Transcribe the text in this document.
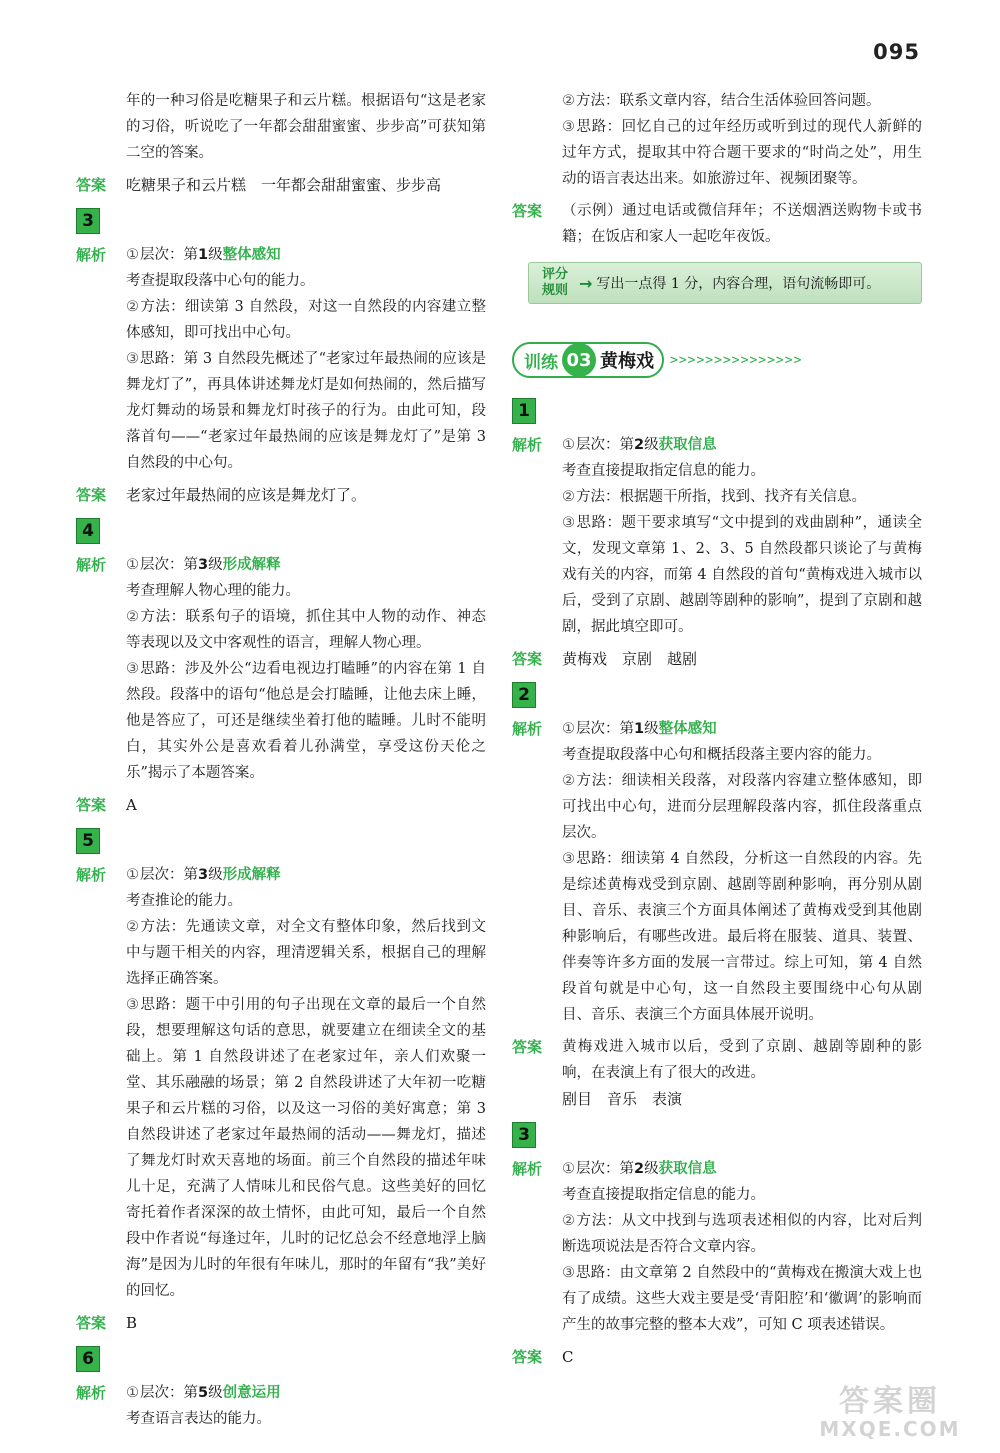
095

年的一种习俗是吃糖果子和云片糕。根据语句“这是老家的习俗，听说吃了一年都会甜甜蜜蜜、步步高”可获知第二空的答案。

答案	吃糖果子和云片糕　一年都会甜甜蜜蜜、步步高

3
解析	①层次：第1级整体感知

考查提取段落中心句的能力。

②方法：细读第 3 自然段，对这一自然段的内容建立整体感知，即可找出中心句。

③思路：第 3 自然段先概述了“老家过年最热闹的应该是舞龙灯了”，再具体讲述舞龙灯是如何热闹的，然后描写龙灯舞动的场景和舞龙灯时孩子的行为。由此可知，段落首句——“老家过年最热闹的应该是舞龙灯了”是第 3 自然段的中心句。

答案	老家过年最热闹的应该是舞龙灯了。

4
解析	①层次：第3级形成解释

考查理解人物心理的能力。

②方法：联系句子的语境，抓住其中人物的动作、神态等表现以及文中客观性的语言，理解人物心理。

③思路：涉及外公“边看电视边打瞌睡”的内容在第 1 自然段。段落中的语句“他总是会打瞌睡，让他去床上睡，他是答应了，可还是继续坐着打他的瞌睡。儿时不能明白，其实外公是喜欢看着儿孙满堂，享受这份天伦之乐”揭示了本题答案。

答案	A

5
解析	①层次：第3级形成解释

考查推论的能力。

②方法：先通读文章，对全文有整体印象，然后找到文中与题干相关的内容，理清逻辑关系，根据自己的理解选择正确答案。

③思路：题干中引用的句子出现在文章的最后一个自然段，想要理解这句话的意思，就要建立在细读全文的基础上。第 1 自然段讲述了在老家过年，亲人们欢聚一堂、其乐融融的场景；第 2 自然段讲述了大年初一吃糖果子和云片糕的习俗，以及这一习俗的美好寓意；第 3 自然段讲述了老家过年最热闹的活动——舞龙灯，描述了舞龙灯时欢天喜地的场面。前三个自然段的描述年味儿十足，充满了人情味儿和民俗气息。这些美好的回忆寄托着作者深深的故土情怀，由此可知，最后一个自然段中作者说“每逢过年，儿时的记忆总会不经意地浮上脑海”是因为儿时的年很有年味儿，那时的年留有“我”美好的回忆。

答案	B

6
解析	①层次：第5级创意运用

考查语言表达的能力。

②方法：联系文章内容，结合生活体验回答问题。

③思路：回忆自己的过年经历或听到过的现代人新鲜的过年方式，提取其中符合题干要求的“时尚之处”，用生动的语言表达出来。如旅游过年、视频团聚等。

答案	（示例）通过电话或微信拜年；不送烟酒送购物卡或书籍；在饭店和家人一起吃年夜饭。

评分
规则 → 写出一点得 1 分，内容合理，语句流畅即可。
训练 03 黄梅戏 >>>>>>>>>>>>>>>
1
解析	①层次：第2级获取信息

考查直接提取指定信息的能力。

②方法：根据题干所指，找到、找齐有关信息。

③思路：题干要求填写“文中提到的戏曲剧种”，通读全文，发现文章第 1、2、3、5 自然段都只谈论了与黄梅戏有关的内容，而第 4 自然段的首句“黄梅戏进入城市以后，受到了京剧、越剧等剧种的影响”，提到了京剧和越剧，据此填空即可。

答案	黄梅戏　京剧　越剧

2
解析	①层次：第1级整体感知

考查提取段落中心句和概括段落主要内容的能力。

②方法：细读相关段落，对段落内容建立整体感知，即可找出中心句，进而分层理解段落内容，抓住段落重点层次。

③思路：细读第 4 自然段，分析这一自然段的内容。先是综述黄梅戏受到京剧、越剧等剧种影响，再分别从剧目、音乐、表演三个方面具体阐述了黄梅戏受到其他剧种影响后，有哪些改进。最后将在服装、道具、装置、伴奏等许多方面的发展一言带过。综上可知，第 4 自然段首句就是中心句，这一自然段主要围绕中心句从剧目、音乐、表演三个方面具体展开说明。

答案	黄梅戏进入城市以后，受到了京剧、越剧等剧种的影响，在表演上有了很大的改进。

剧目　音乐　表演

3
解析	①层次：第2级获取信息

考查直接提取指定信息的能力。

②方法：从文中找到与选项表述相似的内容，比对后判断选项说法是否符合文章内容。

③思路：由文章第 2 自然段中的“黄梅戏在搬演大戏上也有了成绩。这些大戏主要是受‘青阳腔’和‘徽调’的影响而产生的故事完整的整本大戏”，可知 C 项表述错误。

答案	C

答案圈
MXQE.COM
